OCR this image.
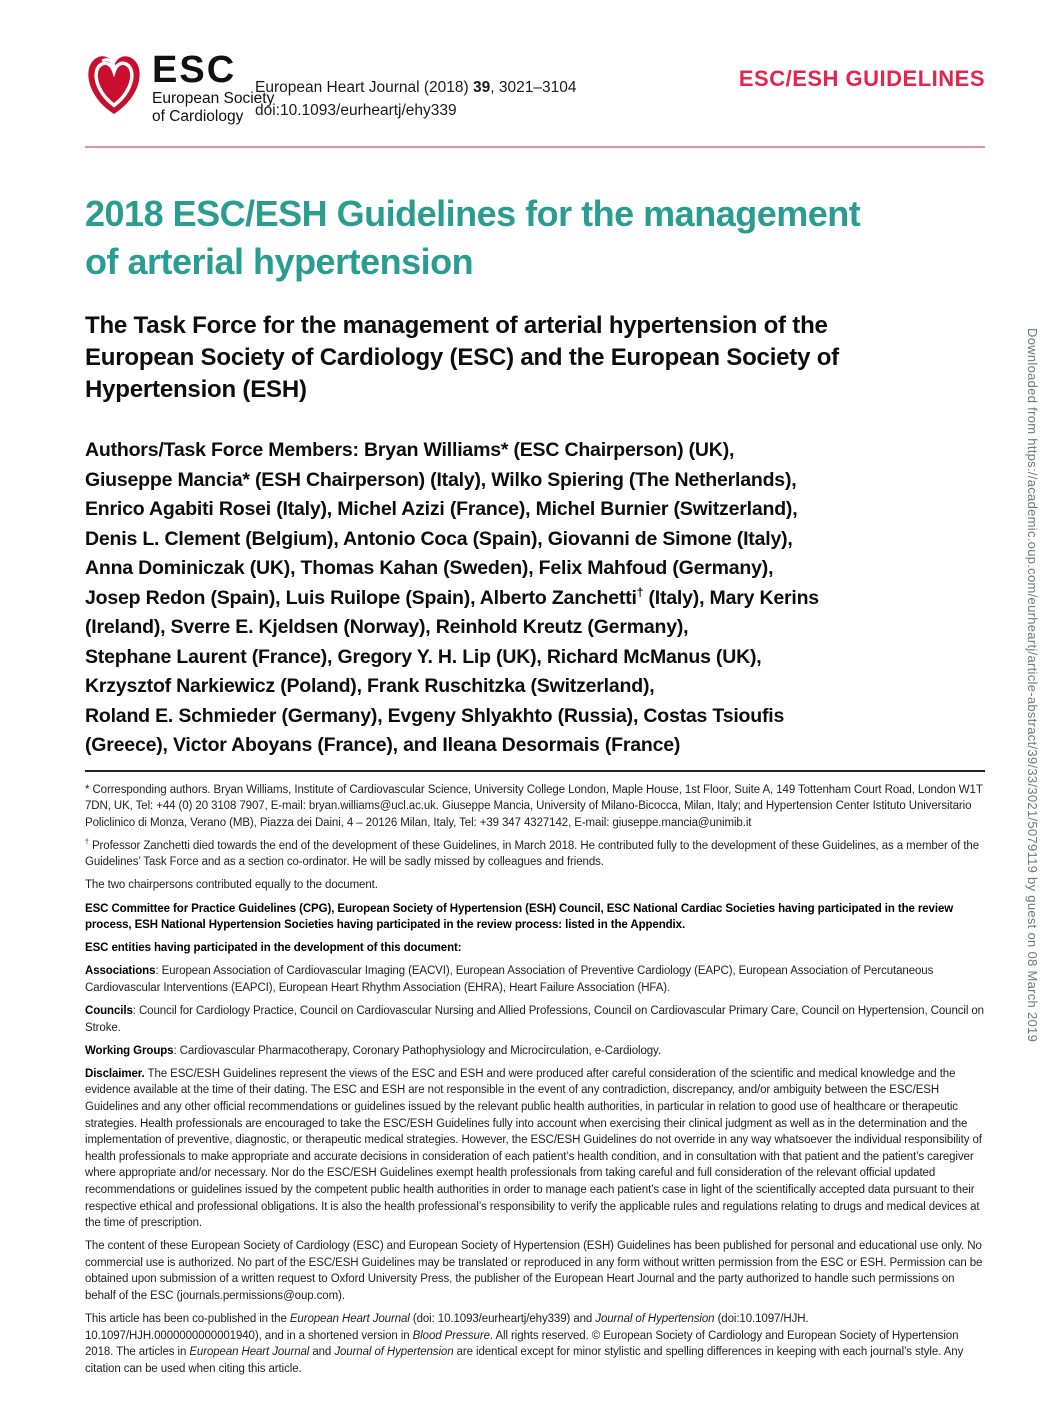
ESC
European Society
of Cardiology
European Heart Journal (2018) 39, 3021–3104
doi:10.1093/eurheartj/ehy339
ESC/ESH GUIDELINES
2018 ESC/ESH Guidelines for the management
of arterial hypertension
The Task Force for the management of arterial hypertension of the
European Society of Cardiology (ESC) and the European Society of
Hypertension (ESH)
Authors/Task Force Members: Bryan Williams* (ESC Chairperson) (UK),
Giuseppe Mancia* (ESH Chairperson) (Italy), Wilko Spiering (The Netherlands),
Enrico Agabiti Rosei (Italy), Michel Azizi (France), Michel Burnier (Switzerland),
Denis L. Clement (Belgium), Antonio Coca (Spain), Giovanni de Simone (Italy),
Anna Dominiczak (UK), Thomas Kahan (Sweden), Felix Mahfoud (Germany),
Josep Redon (Spain), Luis Ruilope (Spain), Alberto Zanchetti† (Italy), Mary Kerins
(Ireland), Sverre E. Kjeldsen (Norway), Reinhold Kreutz (Germany),
Stephane Laurent (France), Gregory Y. H. Lip (UK), Richard McManus (UK),
Krzysztof Narkiewicz (Poland), Frank Ruschitzka (Switzerland),
Roland E. Schmieder (Germany), Evgeny Shlyakhto (Russia), Costas Tsioufis
(Greece), Victor Aboyans (France), and Ileana Desormais (France)

* Corresponding authors. Bryan Williams, Institute of Cardiovascular Science, University College London, Maple House, 1st Floor, Suite A, 149 Tottenham Court Road, London W1T 7DN, UK, Tel: +44 (0) 20 3108 7907, E-mail: bryan.williams@ucl.ac.uk. Giuseppe Mancia, University of Milano-Bicocca, Milan, Italy; and Hypertension Center Istituto Universitario Policlinico di Monza, Verano (MB), Piazza dei Daini, 4 – 20126 Milan, Italy, Tel: +39 347 4327142, E-mail: giuseppe.mancia@unimib.it

† Professor Zanchetti died towards the end of the development of these Guidelines, in March 2018. He contributed fully to the development of these Guidelines, as a member of the Guidelines’ Task Force and as a section co-ordinator. He will be sadly missed by colleagues and friends.

The two chairpersons contributed equally to the document.

ESC Committee for Practice Guidelines (CPG), European Society of Hypertension (ESH) Council, ESC National Cardiac Societies having participated in the review process, ESH National Hypertension Societies having participated in the review process: listed in the Appendix.

ESC entities having participated in the development of this document:

Associations: European Association of Cardiovascular Imaging (EACVI), European Association of Preventive Cardiology (EAPC), European Association of Percutaneous Cardiovascular Interventions (EAPCI), European Heart Rhythm Association (EHRA), Heart Failure Association (HFA).

Councils: Council for Cardiology Practice, Council on Cardiovascular Nursing and Allied Professions, Council on Cardiovascular Primary Care, Council on Hypertension, Council on Stroke.

Working Groups: Cardiovascular Pharmacotherapy, Coronary Pathophysiology and Microcirculation, e-Cardiology.

Disclaimer. The ESC/ESH Guidelines represent the views of the ESC and ESH and were produced after careful consideration of the scientific and medical knowledge and the evidence available at the time of their dating. The ESC and ESH are not responsible in the event of any contradiction, discrepancy, and/or ambiguity between the ESC/ESH Guidelines and any other official recommendations or guidelines issued by the relevant public health authorities, in particular in relation to good use of healthcare or therapeutic strategies. Health professionals are encouraged to take the ESC/ESH Guidelines fully into account when exercising their clinical judgment as well as in the determination and the implementation of preventive, diagnostic, or therapeutic medical strategies. However, the ESC/ESH Guidelines do not override in any way whatsoever the individual responsibility of health professionals to make appropriate and accurate decisions in consideration of each patient’s health condition, and in consultation with that patient and the patient’s caregiver where appropriate and/or necessary. Nor do the ESC/ESH Guidelines exempt health professionals from taking careful and full consideration of the relevant official updated recommendations or guidelines issued by the competent public health authorities in order to manage each patient’s case in light of the scientifically accepted data pursuant to their respective ethical and professional obligations. It is also the health professional’s responsibility to verify the applicable rules and regulations relating to drugs and medical devices at the time of prescription.

The content of these European Society of Cardiology (ESC) and European Society of Hypertension (ESH) Guidelines has been published for personal and educational use only. No commercial use is authorized. No part of the ESC/ESH Guidelines may be translated or reproduced in any form without written permission from the ESC or ESH. Permission can be obtained upon submission of a written request to Oxford University Press, the publisher of the European Heart Journal and the party authorized to handle such permissions on behalf of the ESC (journals.permissions@oup.com).

This article has been co-published in the European Heart Journal (doi: 10.1093/eurheartj/ehy339) and Journal of Hypertension (doi:10.1097/HJH. 10.1097/HJH.0000000000001940), and in a shortened version in Blood Pressure. All rights reserved. © European Society of Cardiology and European Society of Hypertension 2018. The articles in European Heart Journal and Journal of Hypertension are identical except for minor stylistic and spelling differences in keeping with each journal’s style. Any citation can be used when citing this article.

Downloaded from https://academic.oup.com/eurheartj/article-abstract/39/33/3021/5079119 by guest on 08 March 2019
